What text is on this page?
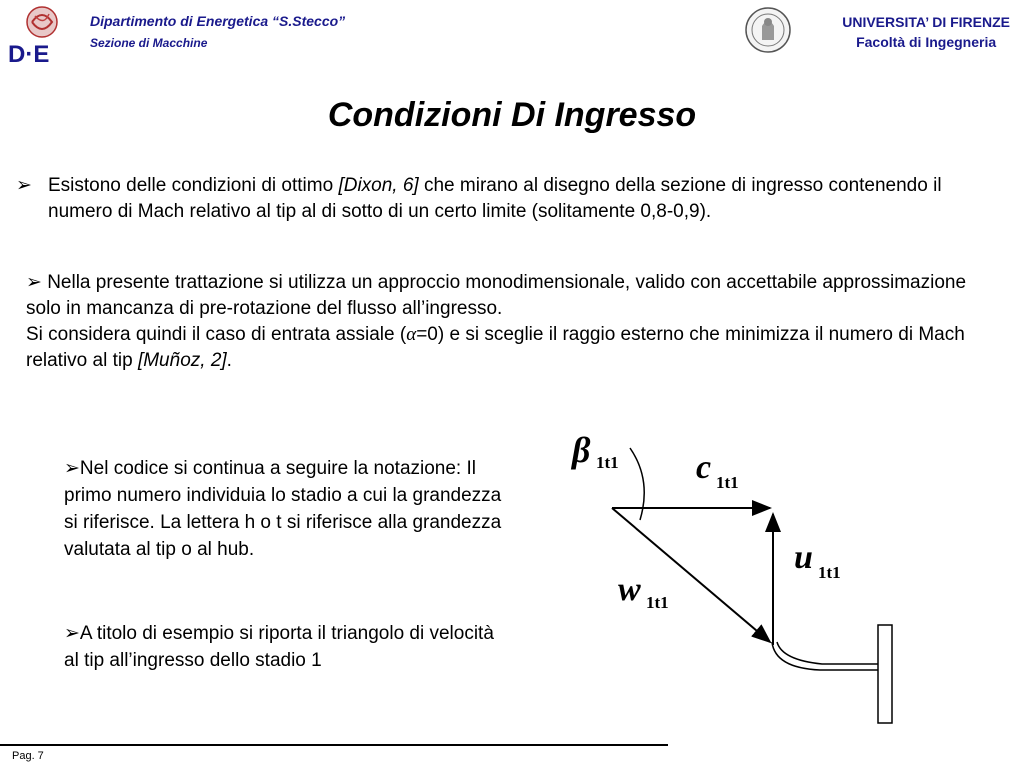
D·E
Dipartimento di Energetica “S.Stecco”
Sezione di Macchine
UNIVERSITA’ DI FIRENZE
Facoltà di Ingegneria
Condizioni Di Ingresso
➢ Esistono delle condizioni di ottimo [Dixon, 6] che mirano al disegno della sezione di ingresso contenendo il numero di Mach relativo al tip al di sotto di un certo limite (solitamente 0,8-0,9).
➢ Nella presente trattazione si utilizza un approccio monodimensionale, valido con accettabile approssimazione solo in mancanza di pre-rotazione del flusso all’ingresso.
Si considera quindi il caso di entrata assiale (α=0) e si sceglie il raggio esterno che minimizza il numero di Mach relativo al tip [Muñoz, 2].
➢Nel codice si continua a seguire la notazione: Il primo numero individuia lo stadio a cui la grandezza si riferisce. La lettera h o t si riferisce alla grandezza valutata al tip o al hub.
➢A titolo di esempio si riporta il triangolo di velocità al tip all’ingresso dello stadio 1
β 1t1 c 1t1
u 1t1
w 1t1
Pag. 7
